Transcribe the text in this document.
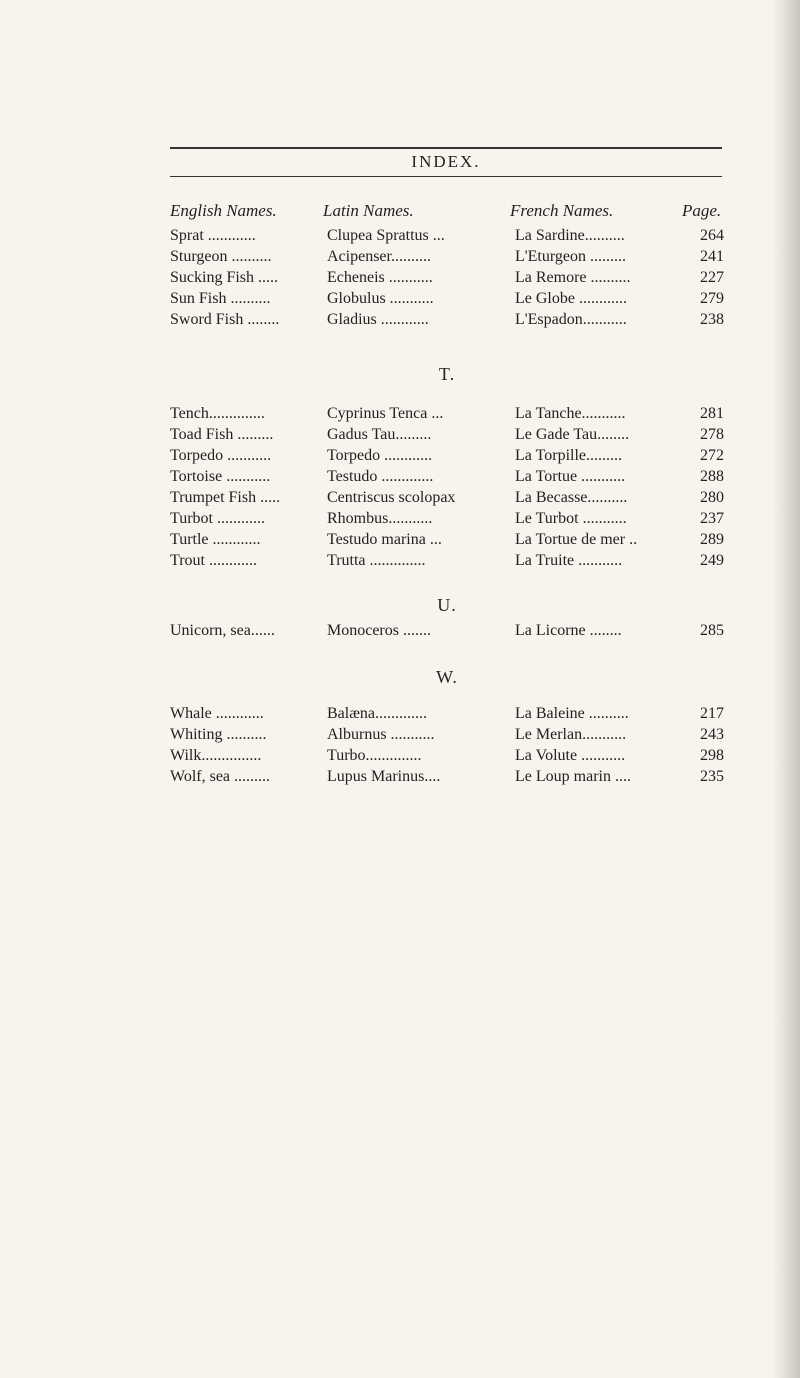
INDEX.
English Names.	Latin Names.	French Names.	Page.
Sprat ............	Clupea Sprattus ...	La Sardine..........	264
Sturgeon ..........	Acipenser..........	L'Eturgeon .........	241
Sucking Fish .....	Echeneis ...........	La Remore ..........	227
Sun Fish ..........	Globulus ...........	Le Globe ............	279
Sword Fish ........	Gladius ............	L'Espadon...........	238
T.
Tench..............	Cyprinus Tenca ...	La Tanche...........	281
Toad Fish .........	Gadus Tau.........	Le Gade Tau........	278
Torpedo ...........	Torpedo ............	La Torpille.........	272
Tortoise ...........	Testudo .............	La Tortue ...........	288
Trumpet Fish .....	Centriscus scolopax	La Becasse..........	280
Turbot ............	Rhombus...........	Le Turbot ...........	237
Turtle ............	Testudo marina ...	La Tortue de mer ..	289
Trout ............	Trutta ..............	La Truite ...........	249
U.
Unicorn, sea......	Monoceros .......	La Licorne ........	285
W.
Whale ............	Balæna.............	La Baleine ..........	217
Whiting ..........	Alburnus ...........	Le Merlan...........	243
Wilk...............	Turbo..............	La Volute ...........	298
Wolf, sea .........	Lupus Marinus....	Le Loup marin ....	235
